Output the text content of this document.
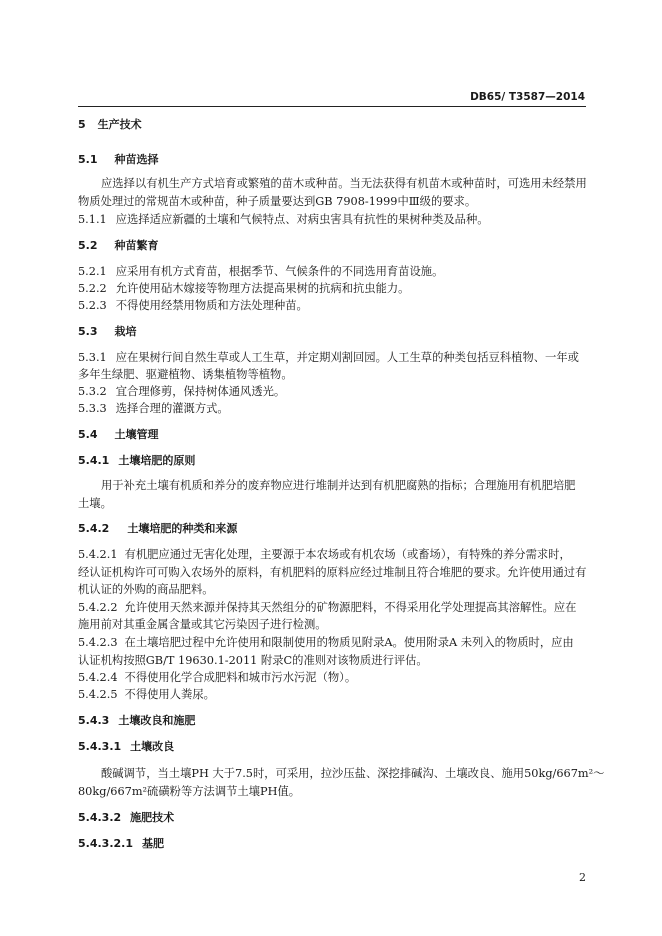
DB65/ T3587—2014
5 生产技术
5.1 种苗选择
应选择以有机生产方式培育或繁殖的苗木或种苗。当无法获得有机苗木或种苗时，可选用未经禁用
物质处理过的常规苗木或种苗，种子质量要达到GB 7908-1999中Ⅲ级的要求。
5.1.1 应选择适应新疆的土壤和气候特点、对病虫害具有抗性的果树种类及品种。
5.2 种苗繁育
5.2.1 应采用有机方式育苗，根据季节、气候条件的不同选用育苗设施。
5.2.2 允许使用砧木嫁接等物理方法提高果树的抗病和抗虫能力。
5.2.3 不得使用经禁用物质和方法处理种苗。
5.3 栽培
5.3.1 应在果树行间自然生草或人工生草，并定期刈割回园。人工生草的种类包括豆科植物、一年或
多年生绿肥、驱避植物、诱集植物等植物。
5.3.2 宜合理修剪，保持树体通风透光。
5.3.3 选择合理的灌溉方式。
5.4 土壤管理
5.4.1 土壤培肥的原则
用于补充土壤有机质和养分的废弃物应进行堆制并达到有机肥腐熟的指标；合理施用有机肥培肥
土壤。
5.4.2 土壤培肥的种类和来源
5.4.2.1 有机肥应通过无害化处理，主要源于本农场或有机农场（或畜场），有特殊的养分需求时，
经认证机构许可可购入农场外的原料，有机肥料的原料应经过堆制且符合堆肥的要求。允许使用通过有
机认证的外购的商品肥料。
5.4.2.2 允许使用天然来源并保持其天然组分的矿物源肥料，不得采用化学处理提高其溶解性。应在
施用前对其重金属含量或其它污染因子进行检测。
5.4.2.3 在土壤培肥过程中允许使用和限制使用的物质见附录A。使用附录A 未列入的物质时，应由
认证机构按照GB/T 19630.1-2011 附录C的准则对该物质进行评估。
5.4.2.4 不得使用化学合成肥料和城市污水污泥（物）。
5.4.2.5 不得使用人粪尿。
5.4.3 土壤改良和施肥
5.4.3.1 土壤改良
酸碱调节，当土壤PH 大于7.5时，可采用，拉沙压盐、深挖排碱沟、土壤改良、施用50kg/667m²～
80kg/667m²硫磺粉等方法调节土壤PH值。
5.4.3.2 施肥技术
5.4.3.2.1 基肥
2
